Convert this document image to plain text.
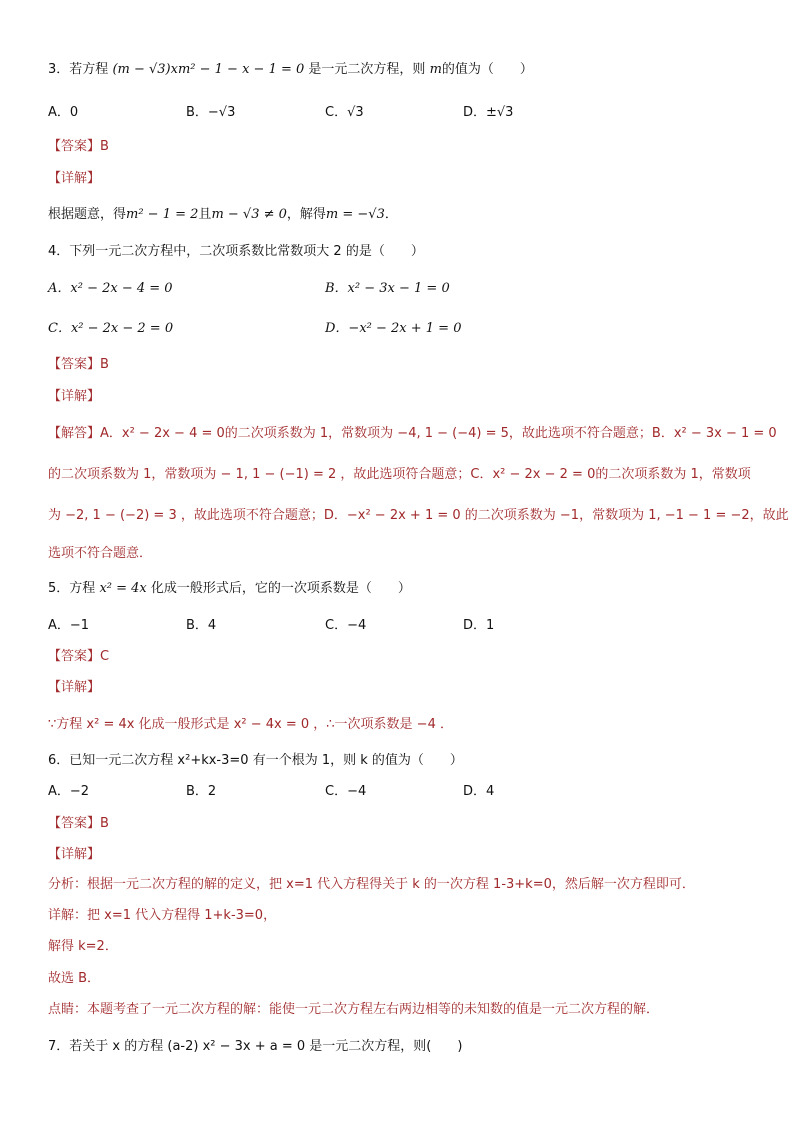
3．若方程 (m − √3)xm² − 1 − x − 1 = 0 是一元二次方程，则 m的值为（　　）
A．0	B．−√3	C．√3	D．±√3
【答案】B
【详解】
根据题意，得m² − 1 = 2且m − √3 ≠ 0，解得m = −√3．
4．下列一元二次方程中，二次项系数比常数项大 2 的是（　　）
A．x² − 2x − 4 = 0	B．x² − 3x − 1 = 0
C．x² − 2x − 2 = 0	D．−x² − 2x + 1 = 0
【答案】B
【详解】
【解答】A．x² − 2x − 4 = 0的二次项系数为 1，常数项为 −4, 1 − (−4) = 5，故此选项不符合题意；B．x² − 3x − 1 = 0
的二次项系数为 1，常数项为 − 1, 1 − (−1) = 2 ，故此选项符合题意；C．x² − 2x − 2 = 0的二次项系数为 1，常数项
为 −2, 1 − (−2) = 3 ，故此选项不符合题意；D．−x² − 2x + 1 = 0 的二次项系数为 −1，常数项为 1, −1 − 1 = −2，故此
选项不符合题意．
5．方程 x² = 4x 化成一般形式后，它的一次项系数是（　　）
A．−1	B．4	C．−4	D．1
【答案】C
【详解】
∵方程 x² = 4x 化成一般形式是 x² − 4x = 0 ，∴一次项系数是 −4 ．
6．已知一元二次方程 x²+kx-3=0 有一个根为 1，则 k 的值为（　　）
A．−2	B．2	C．−4	D．4
【答案】B
【详解】
分析：根据一元二次方程的解的定义，把 x=1 代入方程得关于 k 的一次方程 1-3+k=0，然后解一次方程即可．
详解：把 x=1 代入方程得 1+k-3=0，
解得 k=2．
故选 B．
点睛：本题考查了一元二次方程的解：能使一元二次方程左右两边相等的未知数的值是一元二次方程的解．
7．若关于 x 的方程 (a-2) x² − 3x + a = 0 是一元二次方程，则(　　)
